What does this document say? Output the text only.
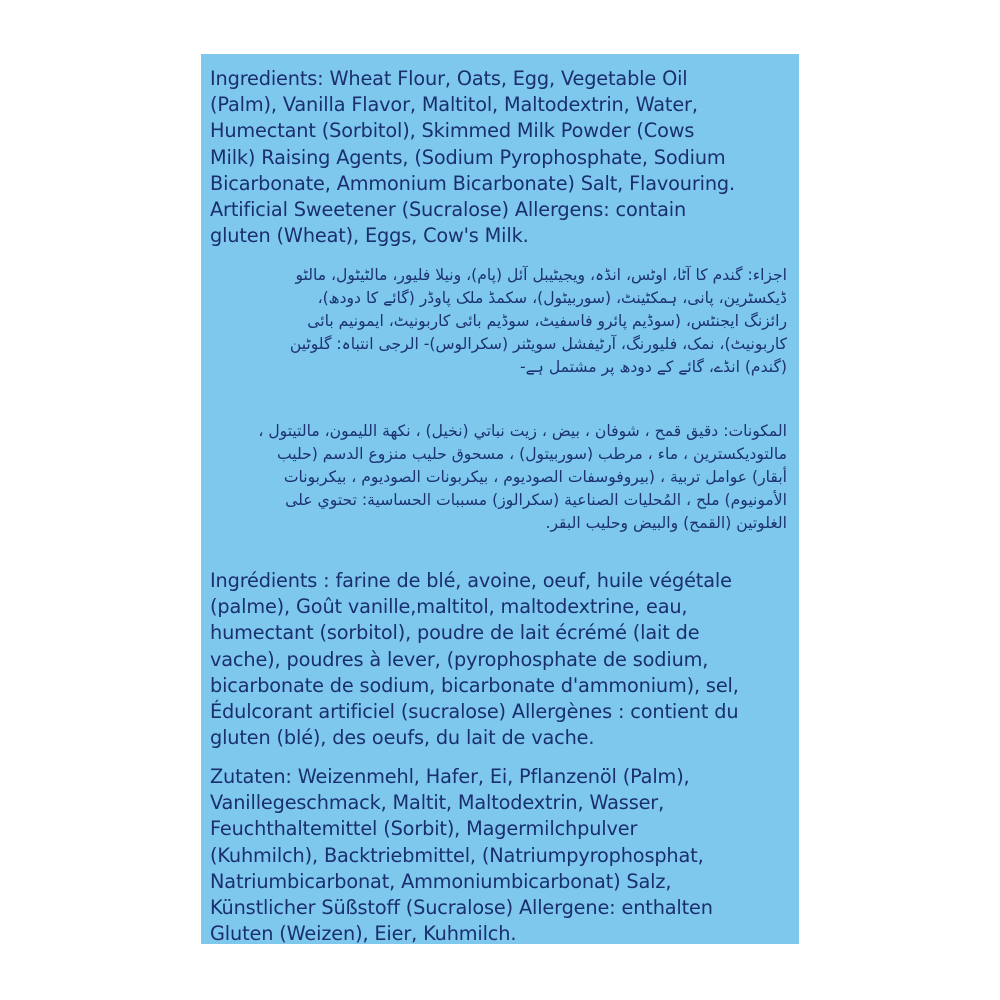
Ingredients: Wheat Flour, Oats, Egg, Vegetable Oil
(Palm), Vanilla Flavor, Maltitol, Maltodextrin, Water,
Humectant (Sorbitol), Skimmed Milk Powder (Cows
Milk) Raising Agents, (Sodium Pyrophosphate, Sodium
Bicarbonate, Ammonium Bicarbonate) Salt, Flavouring.
Artificial Sweetener (Sucralose) Allergens: contain
gluten (Wheat), Eggs, Cow's Milk.
اجزاء: گندم کا آٹا، اوٹس، انڈہ، ویجیٹیبل آئل (پام)، ونیلا فلیور، مالٹیٹول، مالٹو
ڈیکسٹرین، پانی، ہمکٹینٹ، (سوربیٹول)، سکمڈ ملک پاوڈر (گائے کا دودھ)،
رائزنگ ایجنٹس، (سوڈیم پائرو فاسفیٹ، سوڈیم بائی کاربونیٹ، ایمونیم بائی
کاربونیٹ)، نمک، فلیورنگ، آرٹیفشل سویٹنر (سکرالوس)- الرجی انتباہ: گلوٹین
(گندم) انڈے، گائے کے دودھ پر مشتمل ہے-
المكونات: دقيق قمح ، شوفان ، بيض ، زيت نباتي (نخيل) ، نكهة الليمون، مالتيتول ،
مالتوديكسترين ، ماء ، مرطب (سوربيتول) ، مسحوق حليب منزوع الدسم (حليب
أبقار) عوامل تربية ، (بيروفوسفات الصوديوم ، بيكربونات الصوديوم ، بيكربونات
الأمونيوم) ملح ، المُحليات الصناعية (سكرالوز) مسببات الحساسية: تحتوي على
الغلوتين (القمح) والبيض وحليب البقر.
Ingrédients : farine de blé, avoine, oeuf, huile végétale
(palme), Goût vanille,maltitol, maltodextrine, eau,
humectant (sorbitol), poudre de lait écrémé (lait de
vache), poudres à lever, (pyrophosphate de sodium,
bicarbonate de sodium, bicarbonate d'ammonium), sel,
Édulcorant artificiel (sucralose) Allergènes : contient du
gluten (blé), des oeufs, du lait de vache.
Zutaten: Weizenmehl, Hafer, Ei, Pflanzenöl (Palm),
Vanillegeschmack, Maltit, Maltodextrin, Wasser,
Feuchthaltemittel (Sorbit), Magermilchpulver
(Kuhmilch), Backtriebmittel, (Natriumpyrophosphat,
Natriumbicarbonat, Ammoniumbicarbonat) Salz,
Künstlicher Süßstoff (Sucralose) Allergene: enthalten
Gluten (Weizen), Eier, Kuhmilch.
